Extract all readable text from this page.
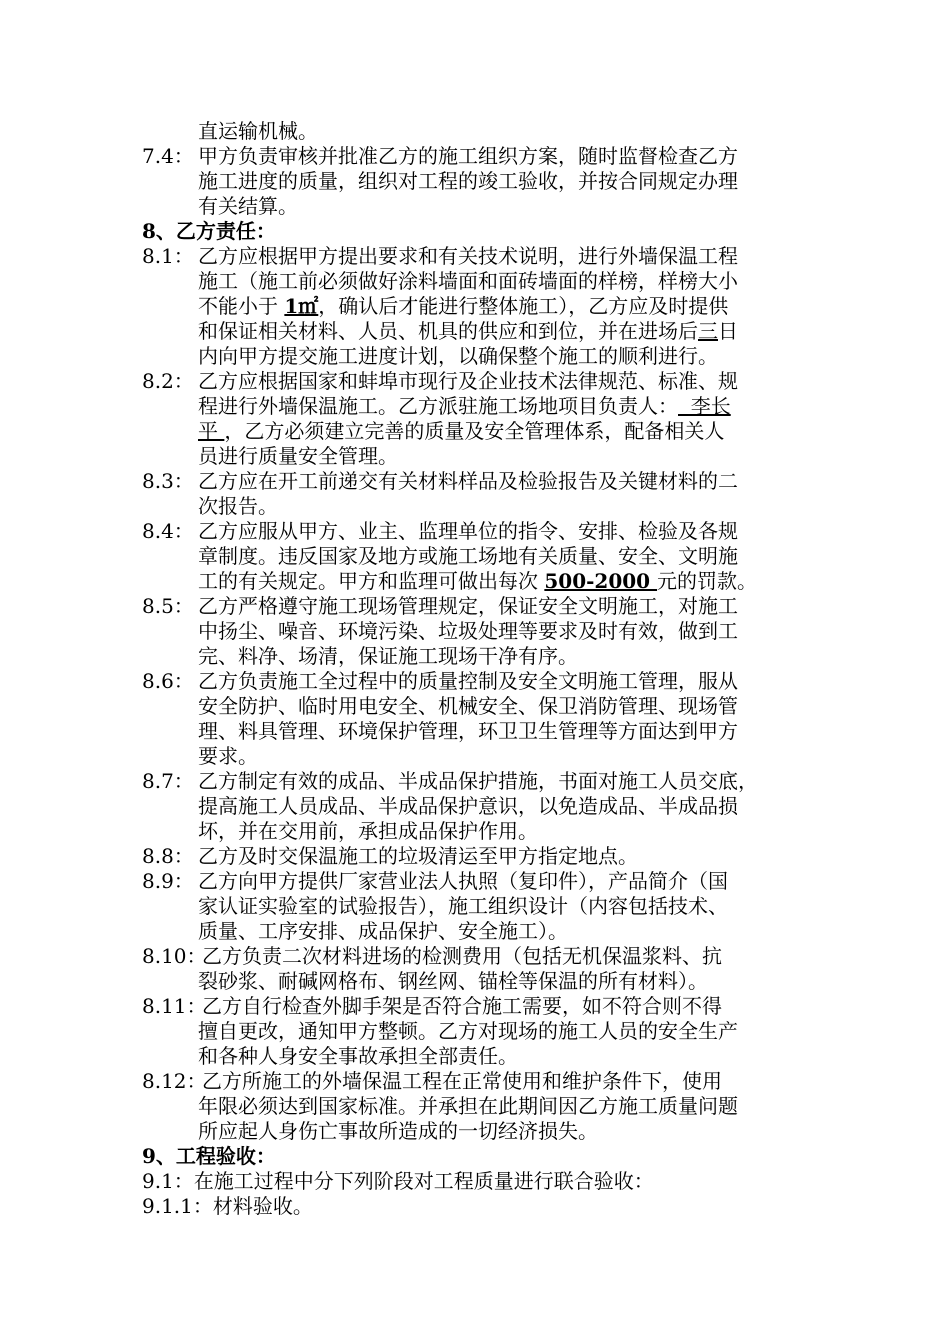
直运输机械。
7.4： 甲方负责审核并批准乙方的施工组织方案，随时监督检查乙方
施工进度的质量，组织对工程的竣工验收，并按合同规定办理
有关结算。
8、乙方责任：
8.1： 乙方应根据甲方提出要求和有关技术说明，进行外墙保温工程
施工（施工前必须做好涂料墙面和面砖墙面的样榜，样榜大小
不能小于 1㎡，确认后才能进行整体施工），乙方应及时提供
和保证相关材料、人员、机具的供应和到位，并在进场后三日
内向甲方提交施工进度计划，以确保整个施工的顺利进行。
8.2： 乙方应根据国家和蚌埠市现行及企业技术法律规范、标准、规
程进行外墙保温施工。乙方派驻施工场地项目负责人：  李长
平 ，乙方必须建立完善的质量及安全管理体系，配备相关人
员进行质量安全管理。
8.3： 乙方应在开工前递交有关材料样品及检验报告及关键材料的二
次报告。
8.4： 乙方应服从甲方、业主、监理单位的指令、安排、检验及各规
章制度。违反国家及地方或施工场地有关质量、安全、文明施
工的有关规定。甲方和监理可做出每次 500-2000 元的罚款。
8.5： 乙方严格遵守施工现场管理规定，保证安全文明施工，对施工
中扬尘、噪音、环境污染、垃圾处理等要求及时有效，做到工
完、料净、场清，保证施工现场干净有序。
8.6： 乙方负责施工全过程中的质量控制及安全文明施工管理，服从
安全防护、临时用电安全、机械安全、保卫消防管理、现场管
理、料具管理、环境保护管理，环卫卫生管理等方面达到甲方
要求。
8.7： 乙方制定有效的成品、半成品保护措施，书面对施工人员交底，
提高施工人员成品、半成品保护意识，以免造成品、半成品损
坏，并在交用前，承担成品保护作用。
8.8： 乙方及时交保温施工的垃圾清运至甲方指定地点。
8.9： 乙方向甲方提供厂家营业法人执照（复印件），产品简介（国
家认证实验室的试验报告），施工组织设计（内容包括技术、
质量、工序安排、成品保护、安全施工）。
8.10：乙方负责二次材料进场的检测费用（包括无机保温浆料、抗
裂砂浆、耐碱网格布、钢丝网、锚栓等保温的所有材料）。
8.11：乙方自行检查外脚手架是否符合施工需要，如不符合则不得
擅自更改，通知甲方整顿。乙方对现场的施工人员的安全生产
和各种人身安全事故承担全部责任。
8.12：乙方所施工的外墙保温工程在正常使用和维护条件下，使用
年限必须达到国家标准。并承担在此期间因乙方施工质量问题
所应起人身伤亡事故所造成的一切经济损失。
9、工程验收：
9.1：在施工过程中分下列阶段对工程质量进行联合验收：
9.1.1：材料验收。
